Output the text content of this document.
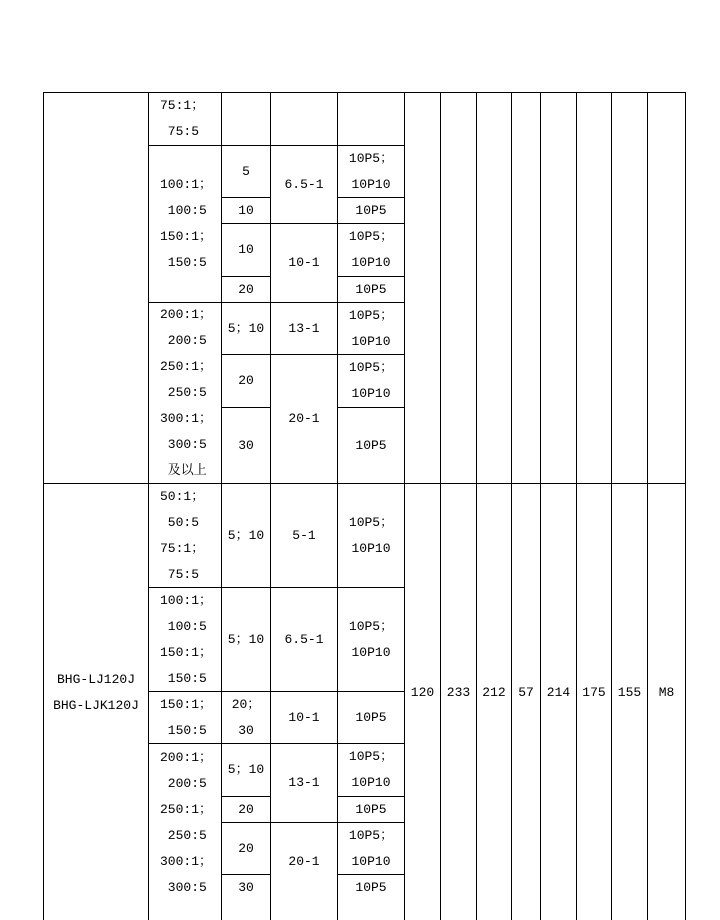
75:1；
75:5
100:1；
100:5
150:1；
150:5
5
10
10
20
6.5-1
10-1
10P5；
10P10
10P5
10P5；
10P10
10P5
200:1；
200:5
250:1；
250:5
300:1；
300:5
及以上
5；10
20
30
13-1
20-1
10P5；
10P10
10P5；
10P10
10P5
BHG-LJ120J
BHG-LJK120J
50:1；
50:5
75:1；
75:5
100:1；
100:5
150:1；
150:5
150:1；
150:5
200:1；
200:5
250:1；
250:5
300:1；
300:5
5；10
5；10
20；
30
5；10
20
20
30
5-1
6.5-1
10-1
13-1
20-1
10P5；
10P10
10P5；
10P10
10P5
10P5；
10P10
10P5
10P5；
10P10
10P5
120 233 212 57 214 175 155 M8
